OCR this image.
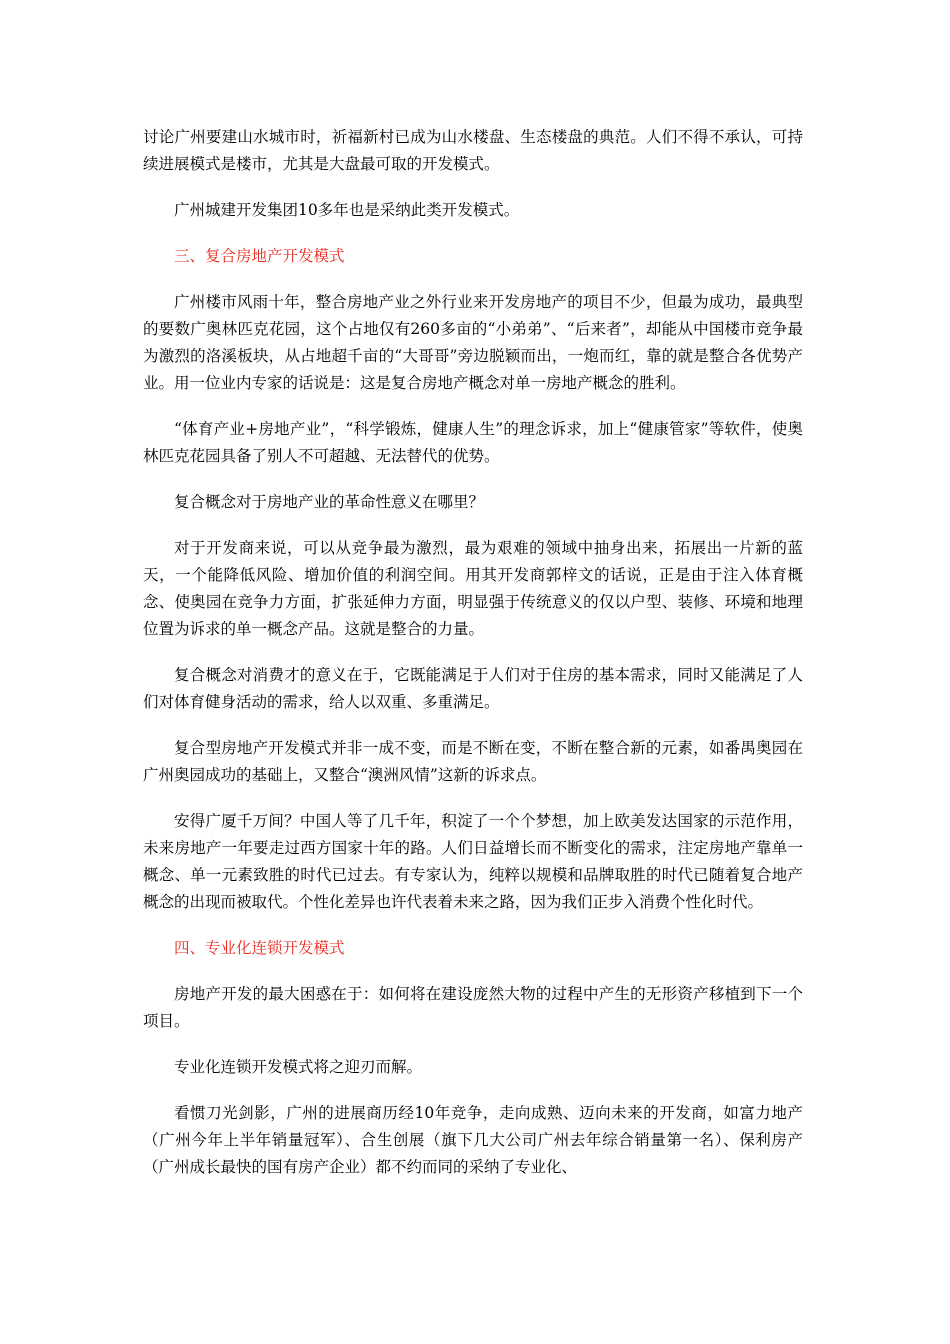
讨论广州要建山水城市时，祈福新村已成为山水楼盘、生态楼盘的典范。人们不得不承认，可持续进展模式是楼市，尤其是大盘最可取的开发模式。

广州城建开发集团10多年也是采纳此类开发模式。

三、复合房地产开发模式

广州楼市风雨十年，整合房地产业之外行业来开发房地产的项目不少，但最为成功，最典型的要数广奥林匹克花园，这个占地仅有260多亩的“小弟弟”、“后来者”，却能从中国楼市竞争最为激烈的洛溪板块，从占地超千亩的“大哥哥”旁边脱颖而出，一炮而红，靠的就是整合各优势产业。用一位业内专家的话说是：这是复合房地产概念对单一房地产概念的胜利。

“体育产业+房地产业”，“科学锻炼，健康人生”的理念诉求，加上“健康管家”等软件，使奥林匹克花园具备了别人不可超越、无法替代的优势。

复合概念对于房地产业的革命性意义在哪里？

对于开发商来说，可以从竞争最为激烈，最为艰难的领域中抽身出来，拓展出一片新的蓝天，一个能降低风险、增加价值的利润空间。用其开发商郭梓文的话说，正是由于注入体育概念、使奥园在竞争力方面，扩张延伸力方面，明显强于传统意义的仅以户型、装修、环境和地理位置为诉求的单一概念产品。这就是整合的力量。

复合概念对消费才的意义在于，它既能满足于人们对于住房的基本需求，同时又能满足了人们对体育健身活动的需求，给人以双重、多重满足。

复合型房地产开发模式并非一成不变，而是不断在变，不断在整合新的元素，如番禺奥园在广州奥园成功的基础上，又整合“澳洲风情”这新的诉求点。

安得广厦千万间？中国人等了几千年，积淀了一个个梦想，加上欧美发达国家的示范作用，未来房地产一年要走过西方国家十年的路。人们日益增长而不断变化的需求，注定房地产靠单一概念、单一元素致胜的时代已过去。有专家认为，纯粹以规模和品牌取胜的时代已随着复合地产概念的出现而被取代。个性化差异也许代表着未来之路，因为我们正步入消费个性化时代。

四、专业化连锁开发模式

房地产开发的最大困惑在于：如何将在建设庞然大物的过程中产生的无形资产移植到下一个项目。

专业化连锁开发模式将之迎刃而解。

看惯刀光剑影，广州的进展商历经10年竞争，走向成熟、迈向未来的开发商，如富力地产（广州今年上半年销量冠军）、合生创展（旗下几大公司广州去年综合销量第一名）、保利房产（广州成长最快的国有房产企业）都不约而同的采纳了专业化、
